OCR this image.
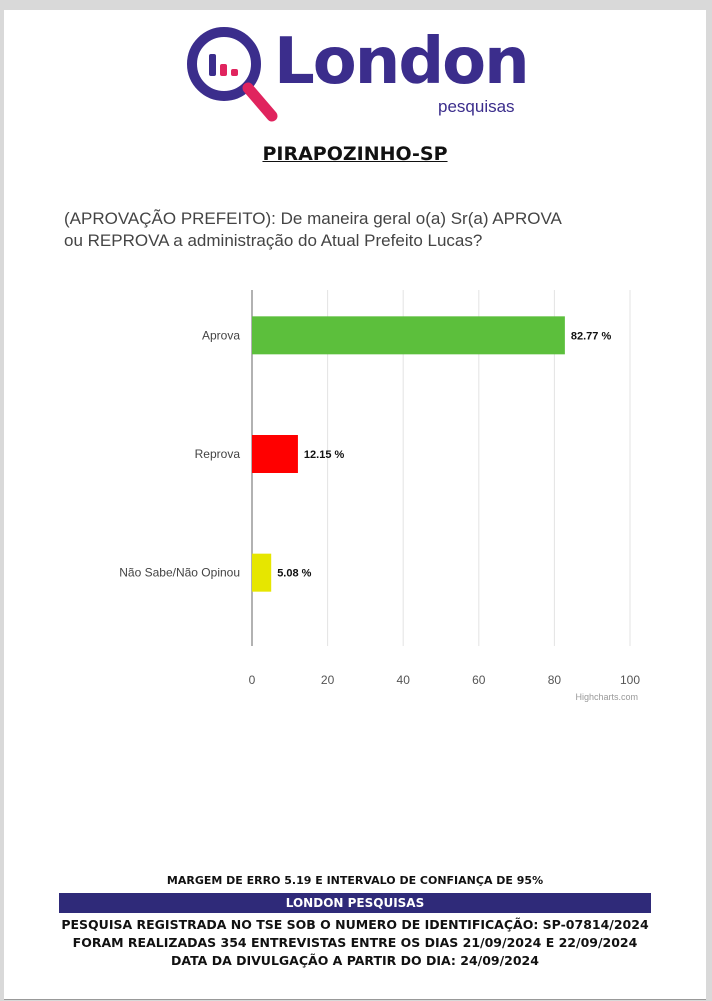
London
pesquisas
PIRAPOZINHO-SP
(APROVAÇÃO PREFEITO): De maneira geral o(a) Sr(a) APROVA
ou REPROVA a administração do Atual Prefeito Lucas?
0	20	40	60	80	100
Aprova	82.77 %
Reprova	12.15 %
Não Sabe/Não Opinou	5.08 %
Highcharts.com
MARGEM DE ERRO 5.19 E INTERVALO DE CONFIANÇA DE 95%
LONDON PESQUISAS
PESQUISA REGISTRADA NO TSE SOB O NUMERO DE IDENTIFICAÇÃO: SP-07814/2024
FORAM REALIZADAS 354 ENTREVISTAS ENTRE OS DIAS 21/09/2024 E 22/09/2024
DATA DA DIVULGAÇÃO A PARTIR DO DIA: 24/09/2024
